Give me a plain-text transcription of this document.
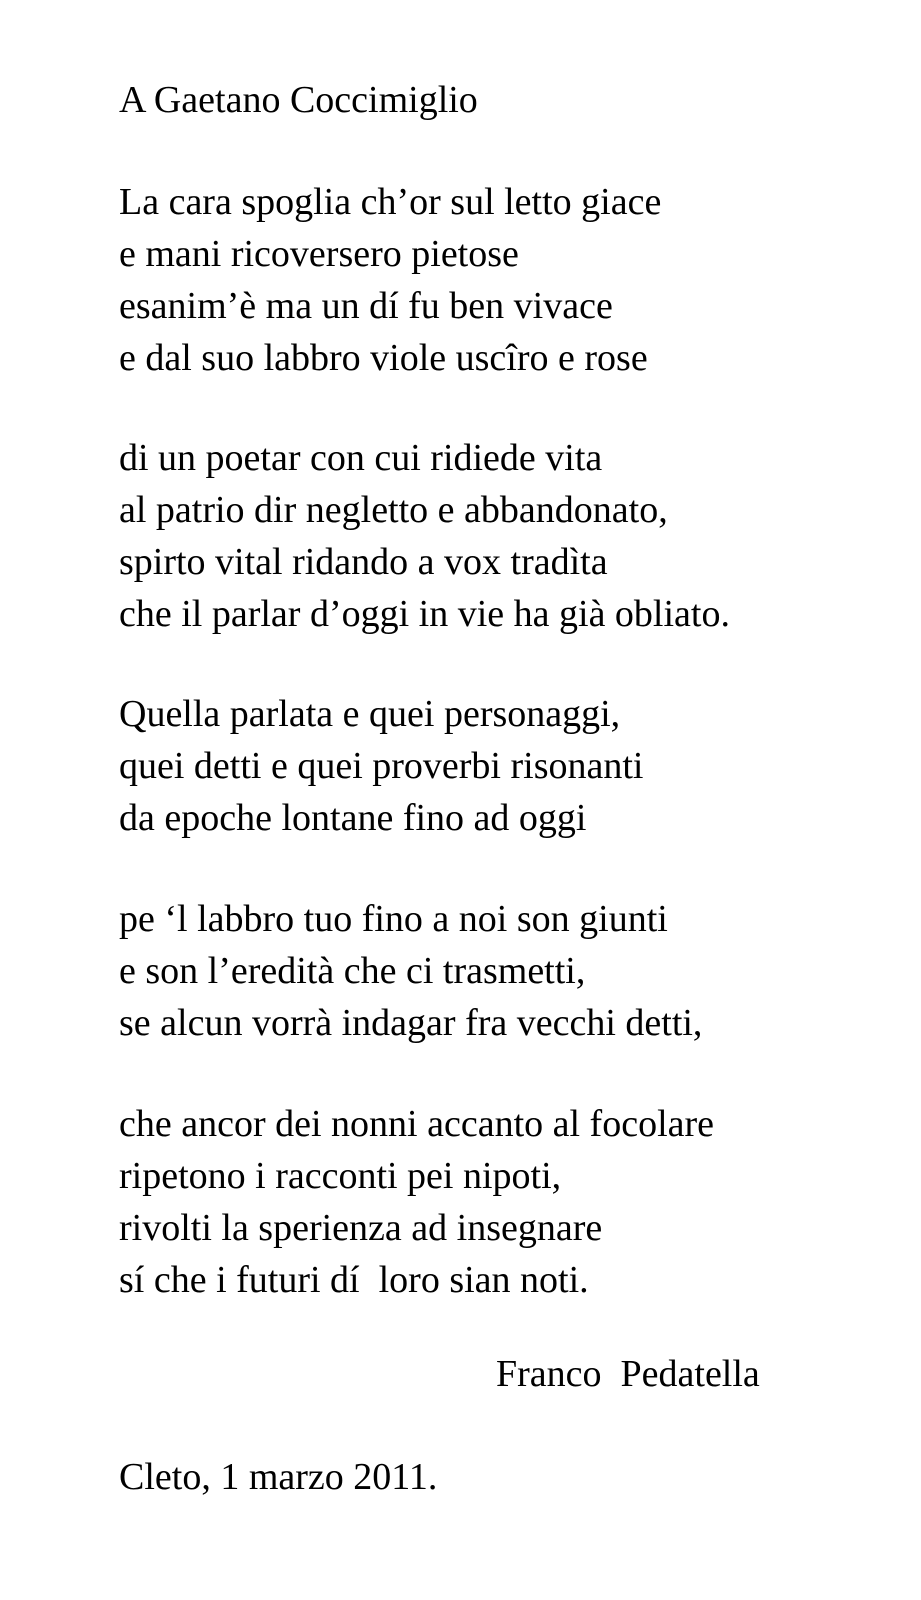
A Gaetano Coccimiglio
La cara spoglia ch’or sul letto giace
e mani ricoversero pietose
esanim’è ma un dí fu ben vivace
e dal suo labbro viole uscîro e rose
di un poetar con cui ridiede vita
al patrio dir negletto e abbandonato,
spirto vital ridando a vox tradìta
che il parlar d’oggi in vie ha già obliato.
Quella parlata e quei personaggi,
quei detti e quei proverbi risonanti
da epoche lontane fino ad oggi
pe ‘l labbro tuo fino a noi son giunti
e son l’eredità che ci trasmetti,
se alcun vorrà indagar fra vecchi detti,
che ancor dei nonni accanto al focolare
ripetono i racconti pei nipoti,
rivolti la sperienza ad insegnare
sí che i futuri dí  loro sian noti.
Franco  Pedatella
Cleto, 1 marzo 2011.
